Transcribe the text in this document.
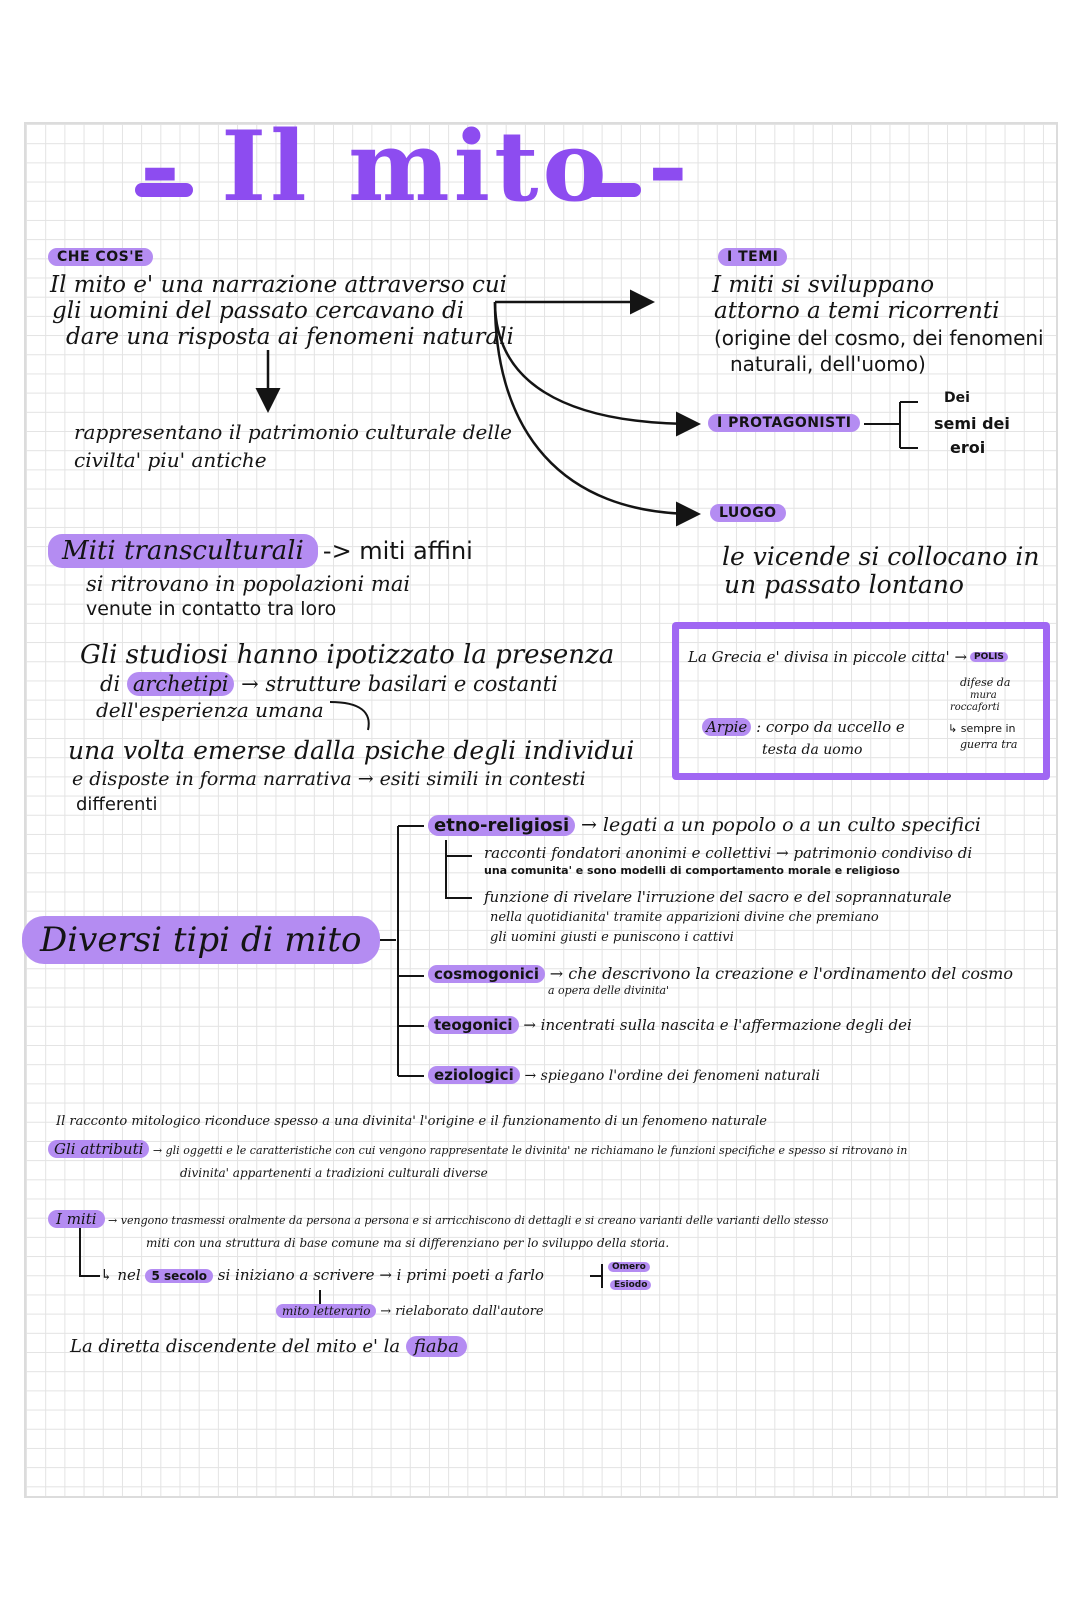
- Il mito -
CHE COS'E
Il mito e' una narrazione attraverso cui
gli uomini del passato cercavano di
dare una risposta ai fenomeni naturali
rappresentano il patrimonio culturale delle
civilta' piu' antiche
I TEMI
I miti si sviluppano
attorno a temi ricorrenti
(origine del cosmo, dei fenomeni
naturali, dell'uomo)
I PROTAGONISTI
Dei
semi dei
eroi
LUOGO
le vicende si collocano in
un passato lontano
Miti transculturali -> miti affini
si ritrovano in popolazioni mai
venute in contatto tra loro
Gli studiosi hanno ipotizzato la presenza
di archetipi → strutture basilari e costanti
dell'esperienza umana
una volta emerse dalla psiche degli individui
e disposte in forma narrativa → esiti simili in contesti
differenti
La Grecia e' divisa in piccole citta' → POLIS
difese da
mura
roccaforti
↳ sempre in
guerra tra
Arpie : corpo da uccello e
testa da uomo
Diversi tipi di mito
etno-religiosi → legati a un popolo o a un culto specifici
racconti fondatori anonimi e collettivi → patrimonio condiviso di
una comunita' e sono modelli di comportamento morale e religioso
funzione di rivelare l'irruzione del sacro e del soprannaturale
nella quotidianita' tramite apparizioni divine che premiano
gli uomini giusti e puniscono i cattivi
cosmogonici → che descrivono la creazione e l'ordinamento del cosmo
a opera delle divinita'
teogonici → incentrati sulla nascita e l'affermazione degli dei
eziologici → spiegano l'ordine dei fenomeni naturali
Il racconto mitologico riconduce spesso a una divinita' l'origine e il funzionamento di un fenomeno naturale
Gli attributi → gli oggetti e le caratteristiche con cui vengono rappresentate le divinita' ne richiamano le funzioni specifiche e spesso si ritrovano in
divinita' appartenenti a tradizioni culturali diverse
I miti → vengono trasmessi oralmente da persona a persona e si arricchiscono di dettagli e si creano varianti delle varianti dello stesso
miti con una struttura di base comune ma si differenziano per lo sviluppo della storia.
↳ nel 5 secolo si iniziano a scrivere → i primi poeti a farlo	Omero
Esiodo
mito letterario → rielaborato dall'autore
La diretta discendente del mito e' la fiaba
